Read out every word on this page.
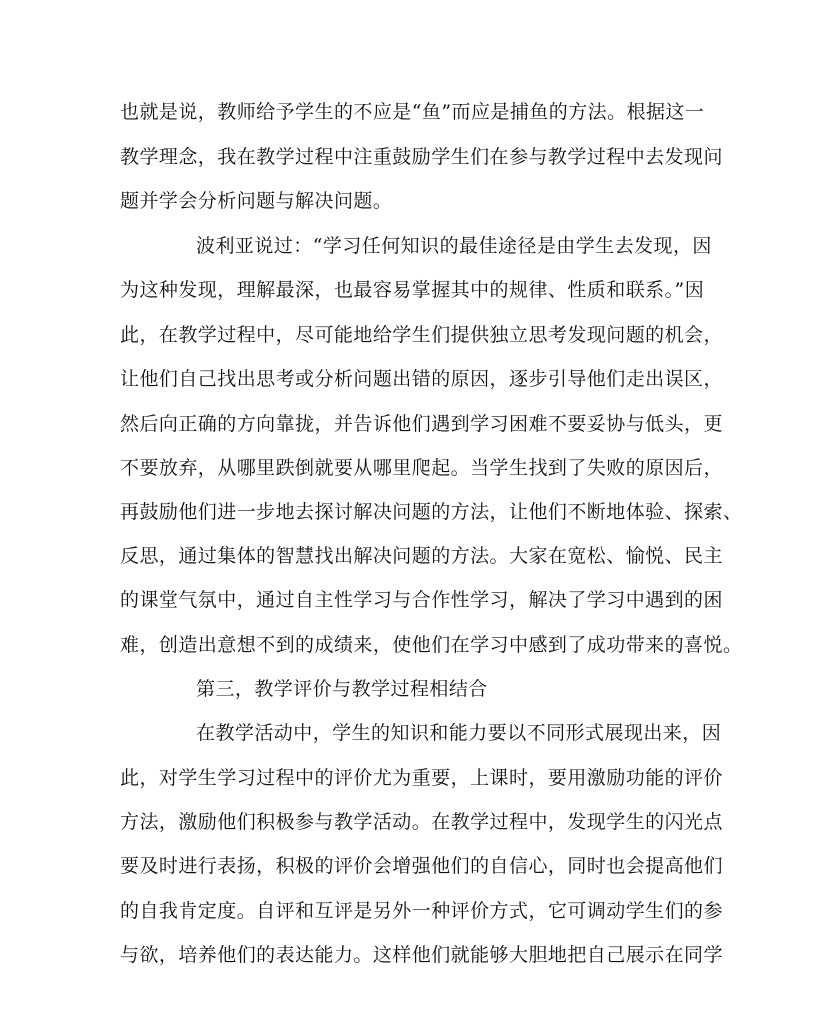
也就是说，教师给予学生的不应是“鱼”而应是捕鱼的方法。根据这一
教学理念，我在教学过程中注重鼓励学生们在参与教学过程中去发现问
题并学会分析问题与解决问题。
波利亚说过：“学习任何知识的最佳途径是由学生去发现，因
为这种发现，理解最深，也最容易掌握其中的规律、性质和联系。”因
此，在教学过程中，尽可能地给学生们提供独立思考发现问题的机会，
让他们自己找出思考或分析问题出错的原因，逐步引导他们走出误区，
然后向正确的方向靠拢，并告诉他们遇到学习困难不要妥协与低头，更
不要放弃，从哪里跌倒就要从哪里爬起。当学生找到了失败的原因后，
再鼓励他们进一步地去探讨解决问题的方法，让他们不断地体验、探索、
反思，通过集体的智慧找出解决问题的方法。大家在宽松、愉悦、民主
的课堂气氛中，通过自主性学习与合作性学习，解决了学习中遇到的困
难，创造出意想不到的成绩来，使他们在学习中感到了成功带来的喜悦。
第三，教学评价与教学过程相结合
在教学活动中，学生的知识和能力要以不同形式展现出来，因
此，对学生学习过程中的评价尤为重要，上课时，要用激励功能的评价
方法，激励他们积极参与教学活动。在教学过程中，发现学生的闪光点
要及时进行表扬，积极的评价会增强他们的自信心，同时也会提高他们
的自我肯定度。自评和互评是另外一种评价方式，它可调动学生们的参
与欲，培养他们的表达能力。这样他们就能够大胆地把自己展示在同学
